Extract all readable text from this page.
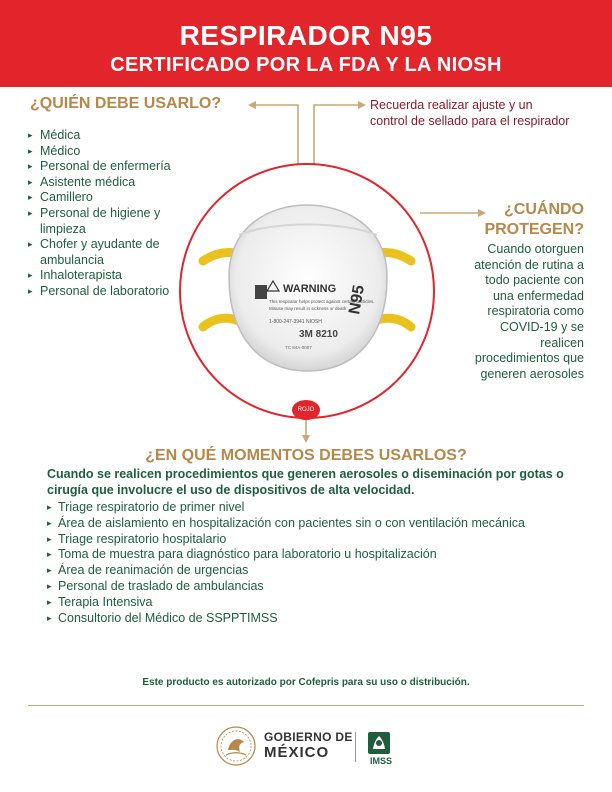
RESPIRADOR N95
CERTIFICADO POR LA FDA Y LA NIOSH
¿QUIÉN DEBE USARLO?
▸ Médica
▸ Médico
▸ Personal de enfermería
▸ Asistente médica
▸ Camillero
▸ Personal de higiene y limpieza
▸ Chofer y ayudante de ambulancia
▸ Inhaloterapista
▸ Personal de laboratorio
Recuerda realizar ajuste y un control de sellado para el respirador
¿CUÁNDO PROTEGEN?
Cuando otorguen atención de rutina a todo paciente con una enfermedad respiratoria como COVID-19 y se realicen procedimientos que generen aerosoles
WARNING
This respirator helps protect against certain particles.
Misuse may result in sickness or death.
1-800-247-3941 NIOSH
3M 8210
TC 84A-0007
N95
ROJO
¿EN QUÉ MOMENTOS DEBES USARLOS?
Cuando se realicen procedimientos que generen aerosoles o diseminación por gotas o cirugía que involucre el uso de dispositivos de alta velocidad.
▸ Triage respiratorio de primer nivel
▸ Área de aislamiento en hospitalización con pacientes sin o con ventilación mecánica
▸ Triage respiratorio hospitalario
▸ Toma de muestra para diagnóstico para laboratorio u hospitalización
▸ Área de reanimación de urgencias
▸ Personal de traslado de ambulancias
▸ Terapia Intensiva
▸ Consultorio del Médico de SSPPTIMSS
Este producto es autorizado por Cofepris para su uso o distribución.
GOBIERNO DE
MÉXICO	IMSS
